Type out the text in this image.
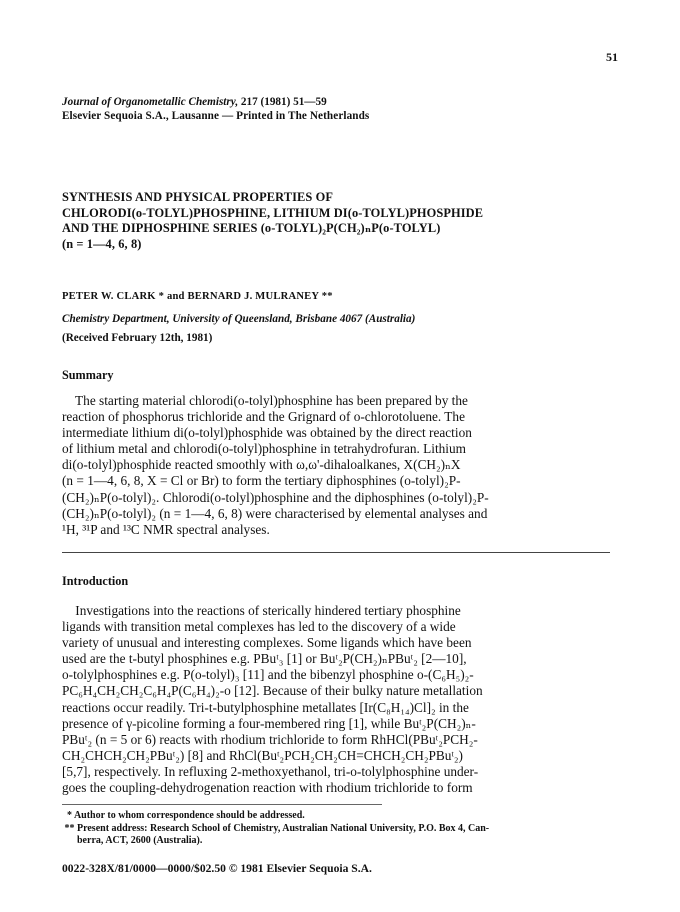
51
Journal of Organometallic Chemistry, 217 (1981) 51—59
Elsevier Sequoia S.A., Lausanne — Printed in The Netherlands
SYNTHESIS AND PHYSICAL PROPERTIES OF
CHLORODI(o-TOLYL)PHOSPHINE, LITHIUM DI(o-TOLYL)PHOSPHIDE
AND THE DIPHOSPHINE SERIES (o-TOLYL)₂P(CH₂)ₙP(o-TOLYL)
(n = 1—4, 6, 8)
PETER W. CLARK * and BERNARD J. MULRANEY **
Chemistry Department, University of Queensland, Brisbane 4067 (Australia)
(Received February 12th, 1981)
Summary
The starting material chlorodi(o-tolyl)phosphine has been prepared by the
reaction of phosphorus trichloride and the Grignard of o-chlorotoluene. The
intermediate lithium di(o-tolyl)phosphide was obtained by the direct reaction
of lithium metal and chlorodi(o-tolyl)phosphine in tetrahydrofuran. Lithium
di(o-tolyl)phosphide reacted smoothly with ω,ω'-dihaloalkanes, X(CH₂)ₙX
(n = 1—4, 6, 8, X = Cl or Br) to form the tertiary diphosphines (o-tolyl)₂P-
(CH₂)ₙP(o-tolyl)₂. Chlorodi(o-tolyl)phosphine and the diphosphines (o-tolyl)₂P-
(CH₂)ₙP(o-tolyl)₂ (n = 1—4, 6, 8) were characterised by elemental analyses and
¹H, ³¹P and ¹³C NMR spectral analyses.
Introduction
Investigations into the reactions of sterically hindered tertiary phosphine
ligands with transition metal complexes has led to the discovery of a wide
variety of unusual and interesting complexes. Some ligands which have been
used are the t-butyl phosphines e.g. PBuᵗ₃ [1] or Buᵗ₂P(CH₂)ₙPBuᵗ₂ [2—10],
o-tolylphosphines e.g. P(o-tolyl)₃ [11] and the bibenzyl phosphine o-(C₆H₅)₂-
PC₆H₄CH₂CH₂C₆H₄P(C₆H₄)₂-o [12]. Because of their bulky nature metallation
reactions occur readily. Tri-t-butylphosphine metallates [Ir(C₈H₁₄)Cl]₂ in the
presence of γ-picoline forming a four-membered ring [1], while Buᵗ₂P(CH₂)ₙ-
PBuᵗ₂ (n = 5 or 6) reacts with rhodium trichloride to form RhHCl(PBuᵗ₂PCH₂-
CH₂CHCH₂CH₂PBuᵗ₂) [8] and RhCl(Buᵗ₂PCH₂CH₂CH=CHCH₂CH₂PBuᵗ₂)
[5,7], respectively. In refluxing 2-methoxyethanol, tri-o-tolylphosphine under-
goes the coupling-dehydrogenation reaction with rhodium trichloride to form
* Author to whom correspondence should be addressed.
** Present address: Research School of Chemistry, Australian National University, P.O. Box 4, Can-
berra, ACT, 2600 (Australia).
0022-328X/81/0000—0000/$02.50 © 1981 Elsevier Sequoia S.A.
